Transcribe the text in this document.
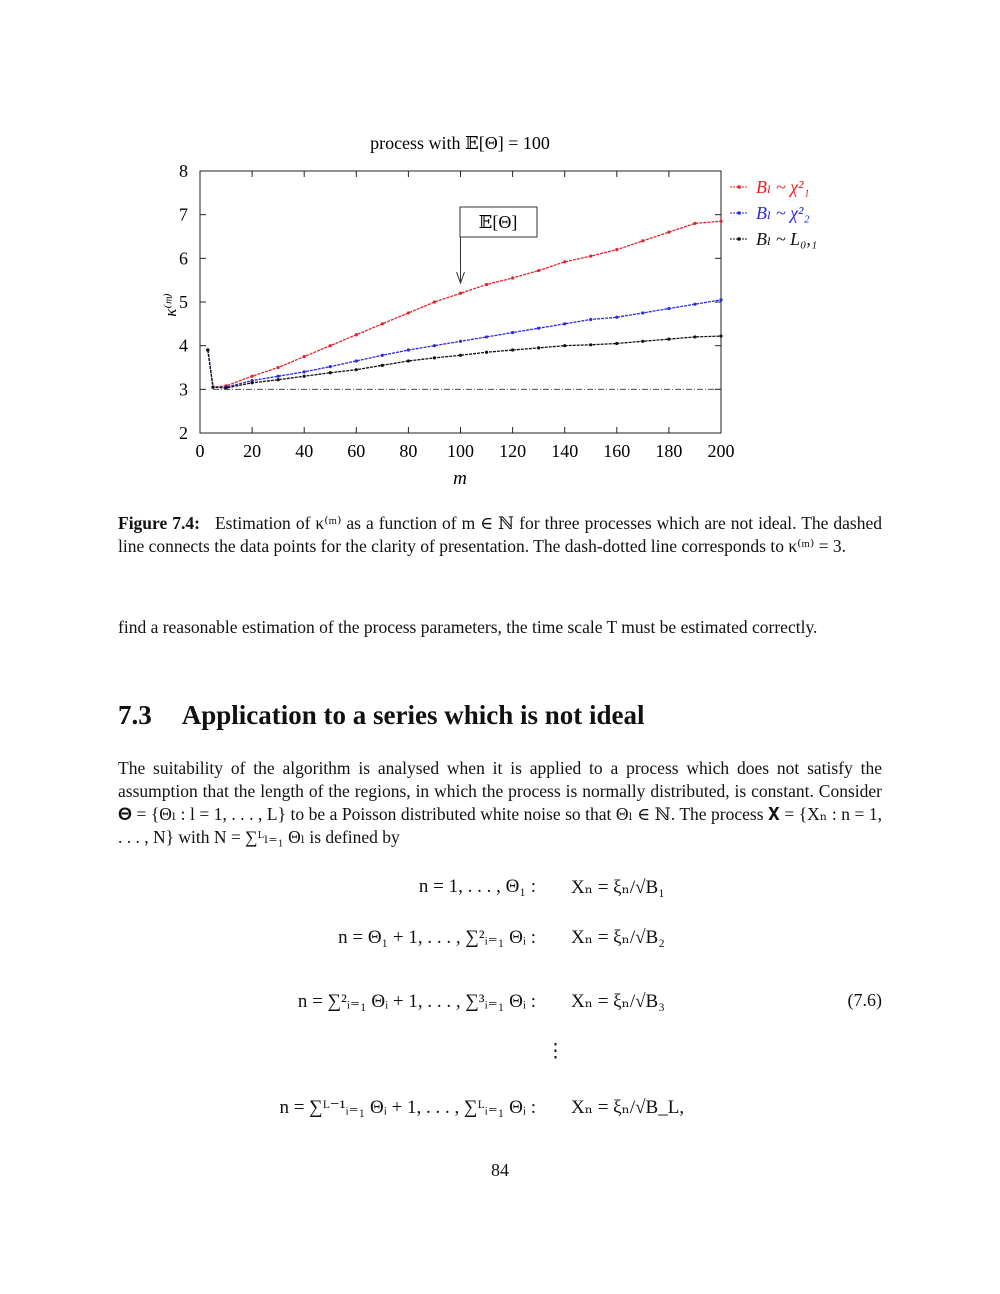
process with 𝔼[Θ] = 100
0 20 40 60 80 100 120 140 160 180 200
2
3
4
5
6
7
8
Bₗ ~ χ²₁
Bₗ ~ χ²₂
Bₗ ~ L₀,₁
𝔼[Θ]
m
κ⁽ᵐ⁾
Figure 7.4: Estimation of κ⁽ᵐ⁾ as a function of m ∈ ℕ for three processes which are not ideal. The dashed line connects the data points for the clarity of presentation. The dash-dotted line corresponds to κ⁽ᵐ⁾ = 3.
find a reasonable estimation of the process parameters, the time scale T must be estimated correctly.
7.3 Application to a series which is not ideal
The suitability of the algorithm is analysed when it is applied to a process which does not satisfy the assumption that the length of the regions, in which the process is normally distributed, is constant. Consider 𝚯 = {Θₗ : l = 1, . . . , L} to be a Poisson distributed white noise so that Θₗ ∈ ℕ. The process 𝐗 = {Xₙ : n = 1, . . . , N} with N = ∑ᴸₗ₌₁ Θₗ is defined by
n = 1, . . . , Θ₁ : Xₙ = ξₙ/√B₁
n = Θ₁ + 1, . . . , ∑²ᵢ₌₁ Θᵢ : Xₙ = ξₙ/√B₂
n = ∑²ᵢ₌₁ Θᵢ + 1, . . . , ∑³ᵢ₌₁ Θᵢ : Xₙ = ξₙ/√B₃
⋮
n = ∑ᴸ⁻¹ᵢ₌₁ Θᵢ + 1, . . . , ∑ᴸᵢ₌₁ Θᵢ : Xₙ = ξₙ/√B_L,
(7.6)
84
